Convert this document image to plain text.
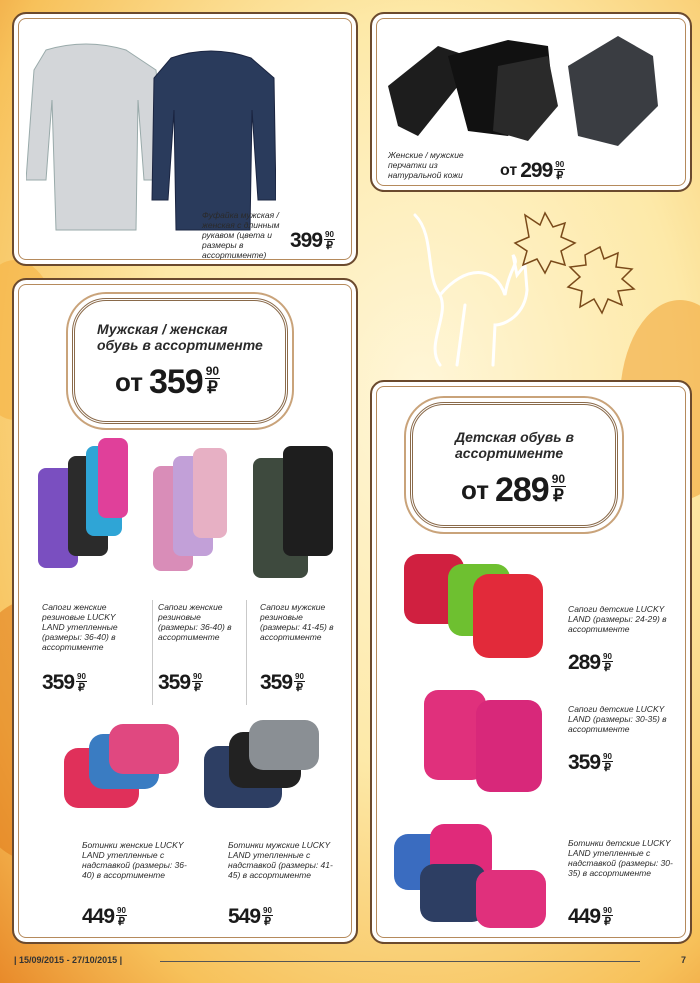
Фуфайка мужская / женская с длинным рукавом (цвета и размеры в ассортименте)
399 90
₽
Женские / мужские перчатки из натуральной кожи	от 299 90
₽
Мужская / женская обувь в ассортименте
от 359 90
₽
Сапоги женские резиновые LUCKY LAND утепленные (размеры: 36-40) в ассортименте
359 90
₽
Сапоги женские резиновые (размеры: 36-40) в ассортименте
359 90
₽
Сапоги мужские резиновые (размеры: 41-45) в ассортименте
359 90
₽
Ботинки женские LUCKY LAND утепленные с надставкой (размеры: 36-40) в ассортименте
449 90
₽
Ботинки мужские LUCKY LAND утепленные с надставкой (размеры: 41-45) в ассортименте
549 90
₽
Детская обувь в ассортименте
от 289 90
₽
Сапоги детские LUCKY LAND (размеры: 24-29) в ассортименте
289 90
₽
Сапоги детские LUCKY LAND (размеры: 30-35) в ассортименте
359 90
₽
Ботинки детские LUCKY LAND утепленные с надставкой (размеры: 30-35) в ассортименте
449 90
₽
| 15/09/2015 - 27/10/2015 |	7
